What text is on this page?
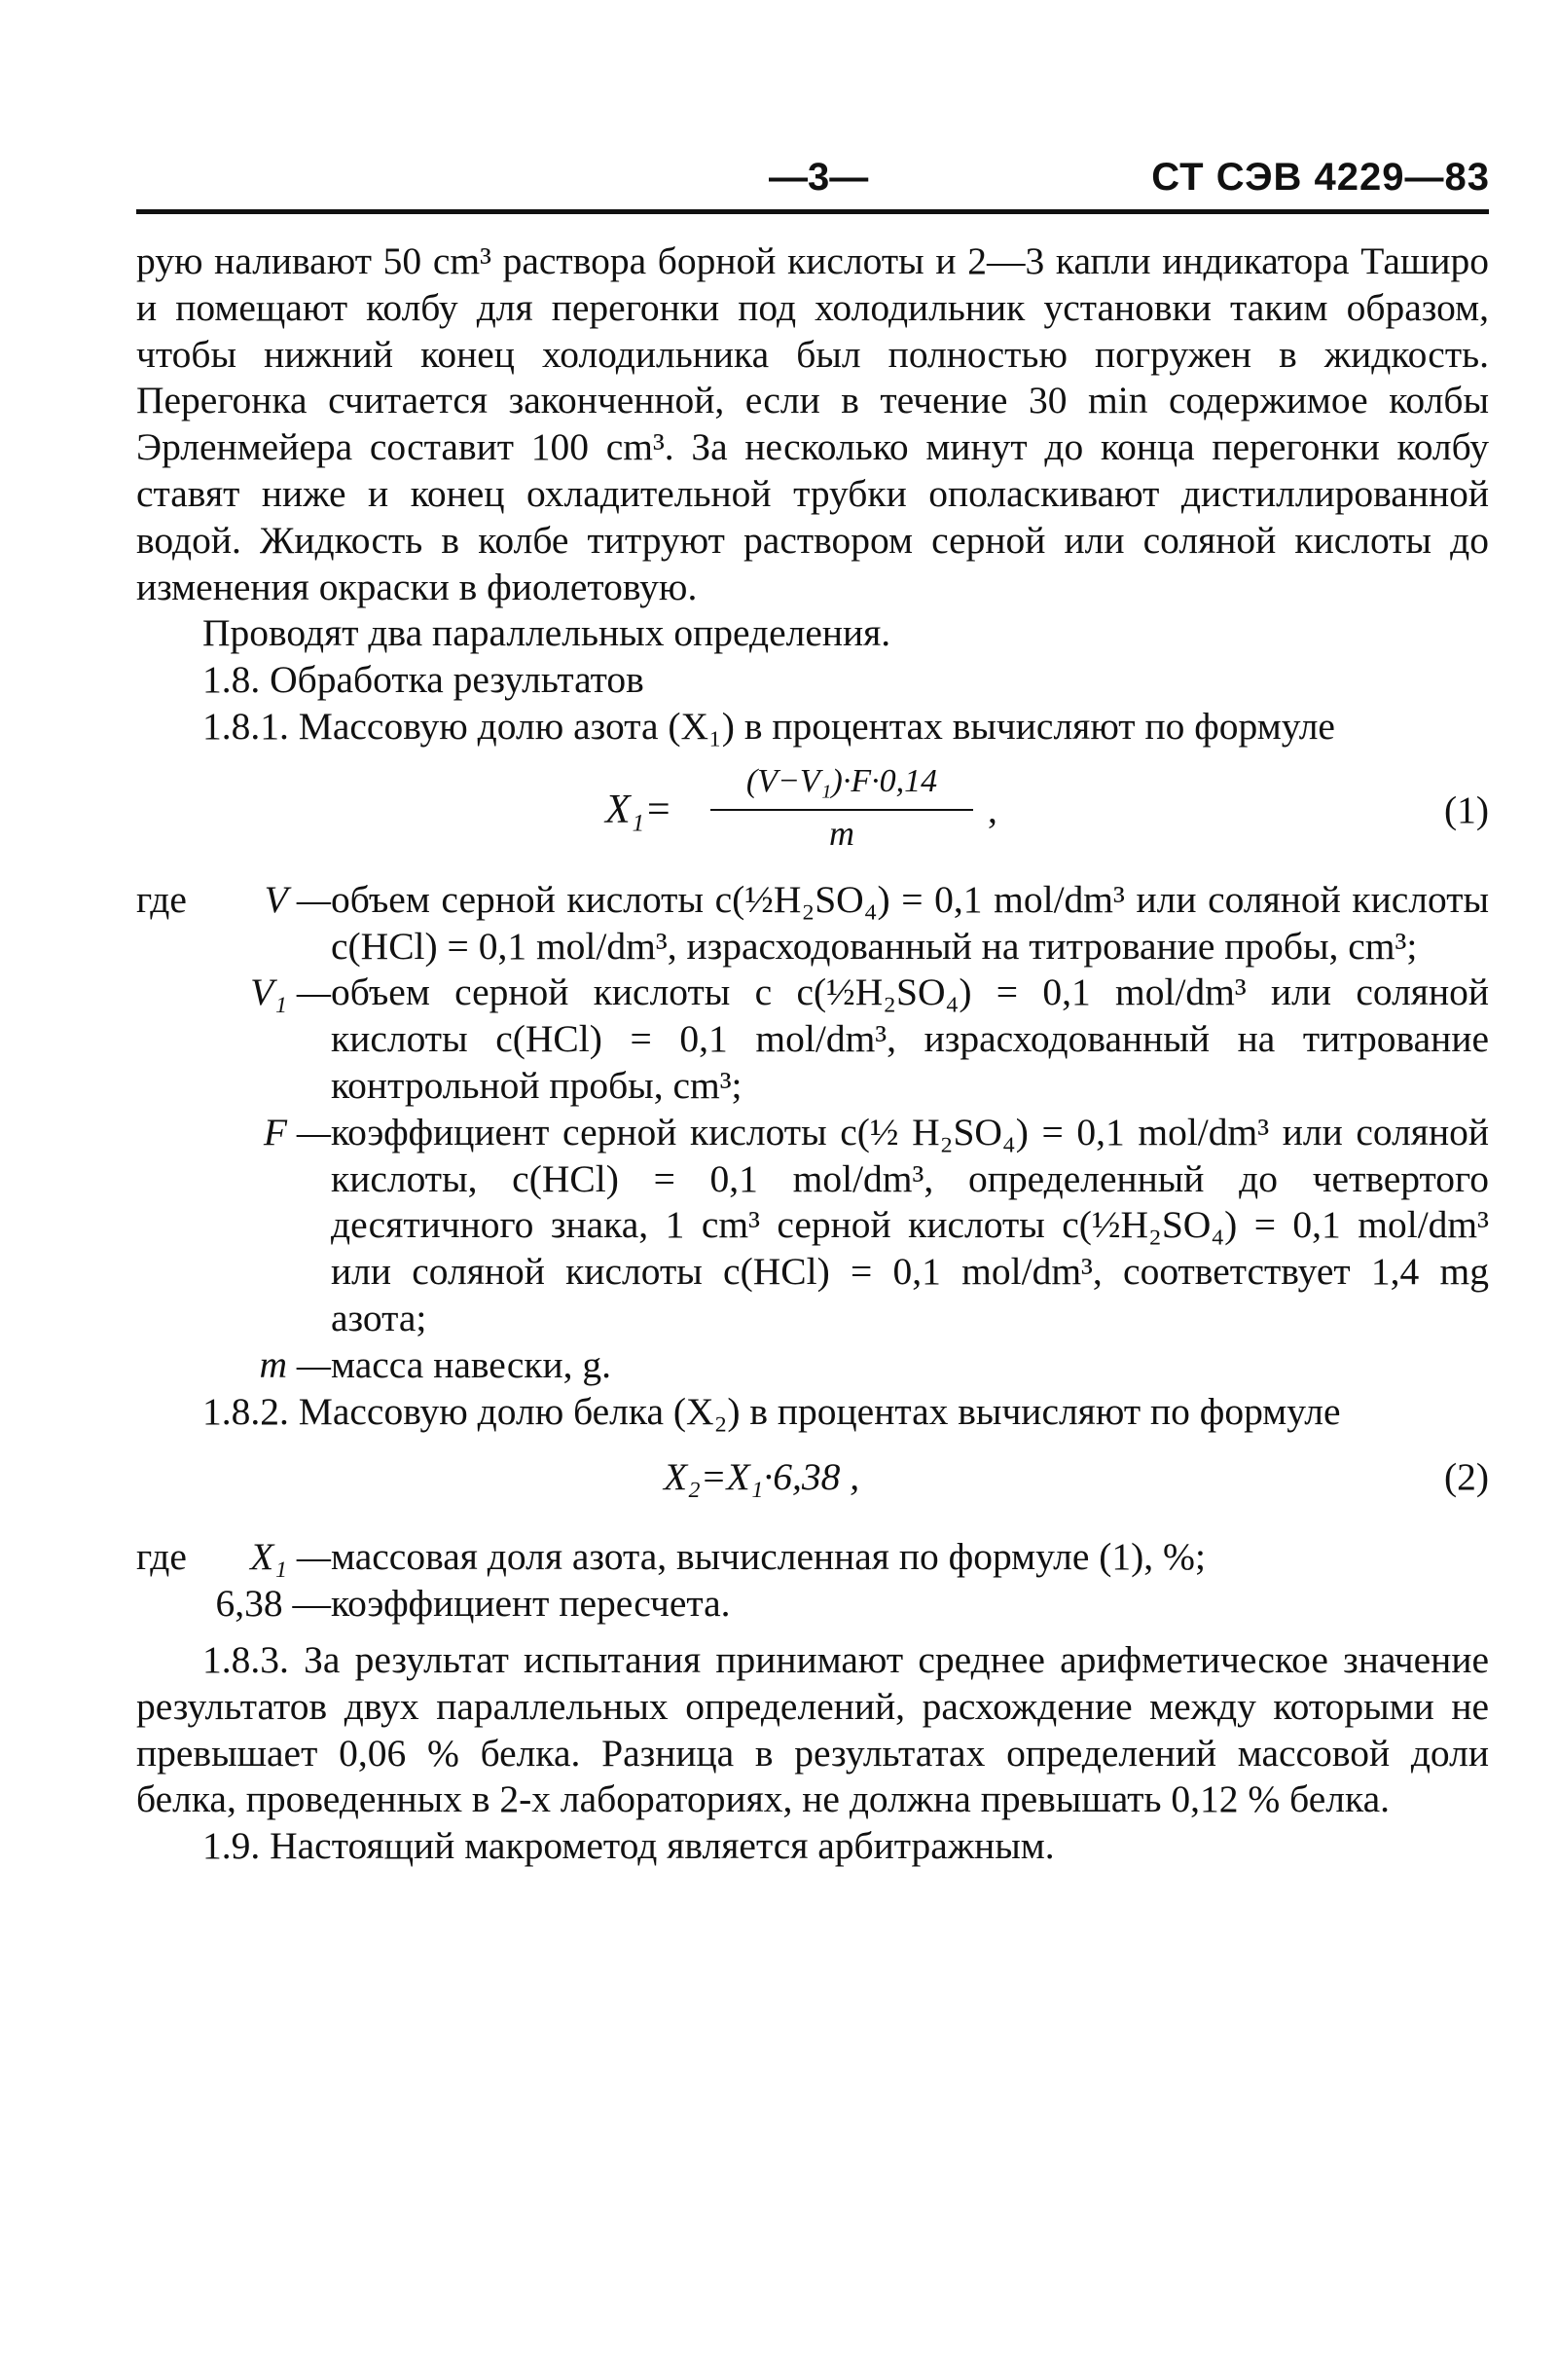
—3—	СТ СЭВ 4229—83

рую наливают 50 cm³ раствора борной кислоты и 2—3 капли индикатора Таширо и помещают колбу для перегонки под холодильник установки таким образом, чтобы нижний конец холодильника был полностью погружен в жидкость. Перегонка считается законченной, если в течение 30 min содержимое колбы Эрленмейера составит 100 cm³. За несколько минут до конца перегонки колбу ставят ниже и конец охладительной трубки ополаскивают дистиллированной водой. Жидкость в колбе титруют раствором серной или соляной кислоты до изменения окраски в фиолетовую.

Проводят два параллельных определения.

1.8. Обработка результатов

1.8.1. Массовую долю азота (X₁) в процентах вычисляют по формуле

$X_1= \frac{\text{(V−V₁)·F·0,14}}{m}$ ,	(1)
где	V — объем серной кислоты c(½H₂SO₄) = 0,1 mol/dm³ или соляной кислоты c(HCl) = 0,1 mol/dm³, израсходованный на титрование пробы, cm³;
V₁ — объем серной кислоты c c(½H₂SO₄) = 0,1 mol/dm³ или соляной кислоты c(HCl) = 0,1 mol/dm³, израсходованный на титрование контрольной пробы, cm³;
F — коэффициент серной кислоты c(½ H₂SO₄) = 0,1 mol/dm³ или соляной кислоты, c(HCl) = 0,1 mol/dm³, определенный до четвертого десятичного знака, 1 cm³ серной кислоты c(½H₂SO₄) = 0,1 mol/dm³ или соляной кислоты c(HCl) = 0,1 mol/dm³, соответствует 1,4 mg азота;
m — масса навески, g.

1.8.2. Массовую долю белка (X₂) в процентах вычисляют по формуле

X₂=X₁·6,38 ,	(2)
где	X₁ — массовая доля азота, вычисленная по формуле (1), %;
6,38 — коэффициент пересчета.

1.8.3. За результат испытания принимают среднее арифметическое значение результатов двух параллельных определений, расхождение между которыми не превышает 0,06 % белка. Разница в результатах определений массовой доли белка, проведенных в 2-х лабораториях, не должна превышать 0,12 % белка.

1.9. Настоящий макрометод является арбитражным.
